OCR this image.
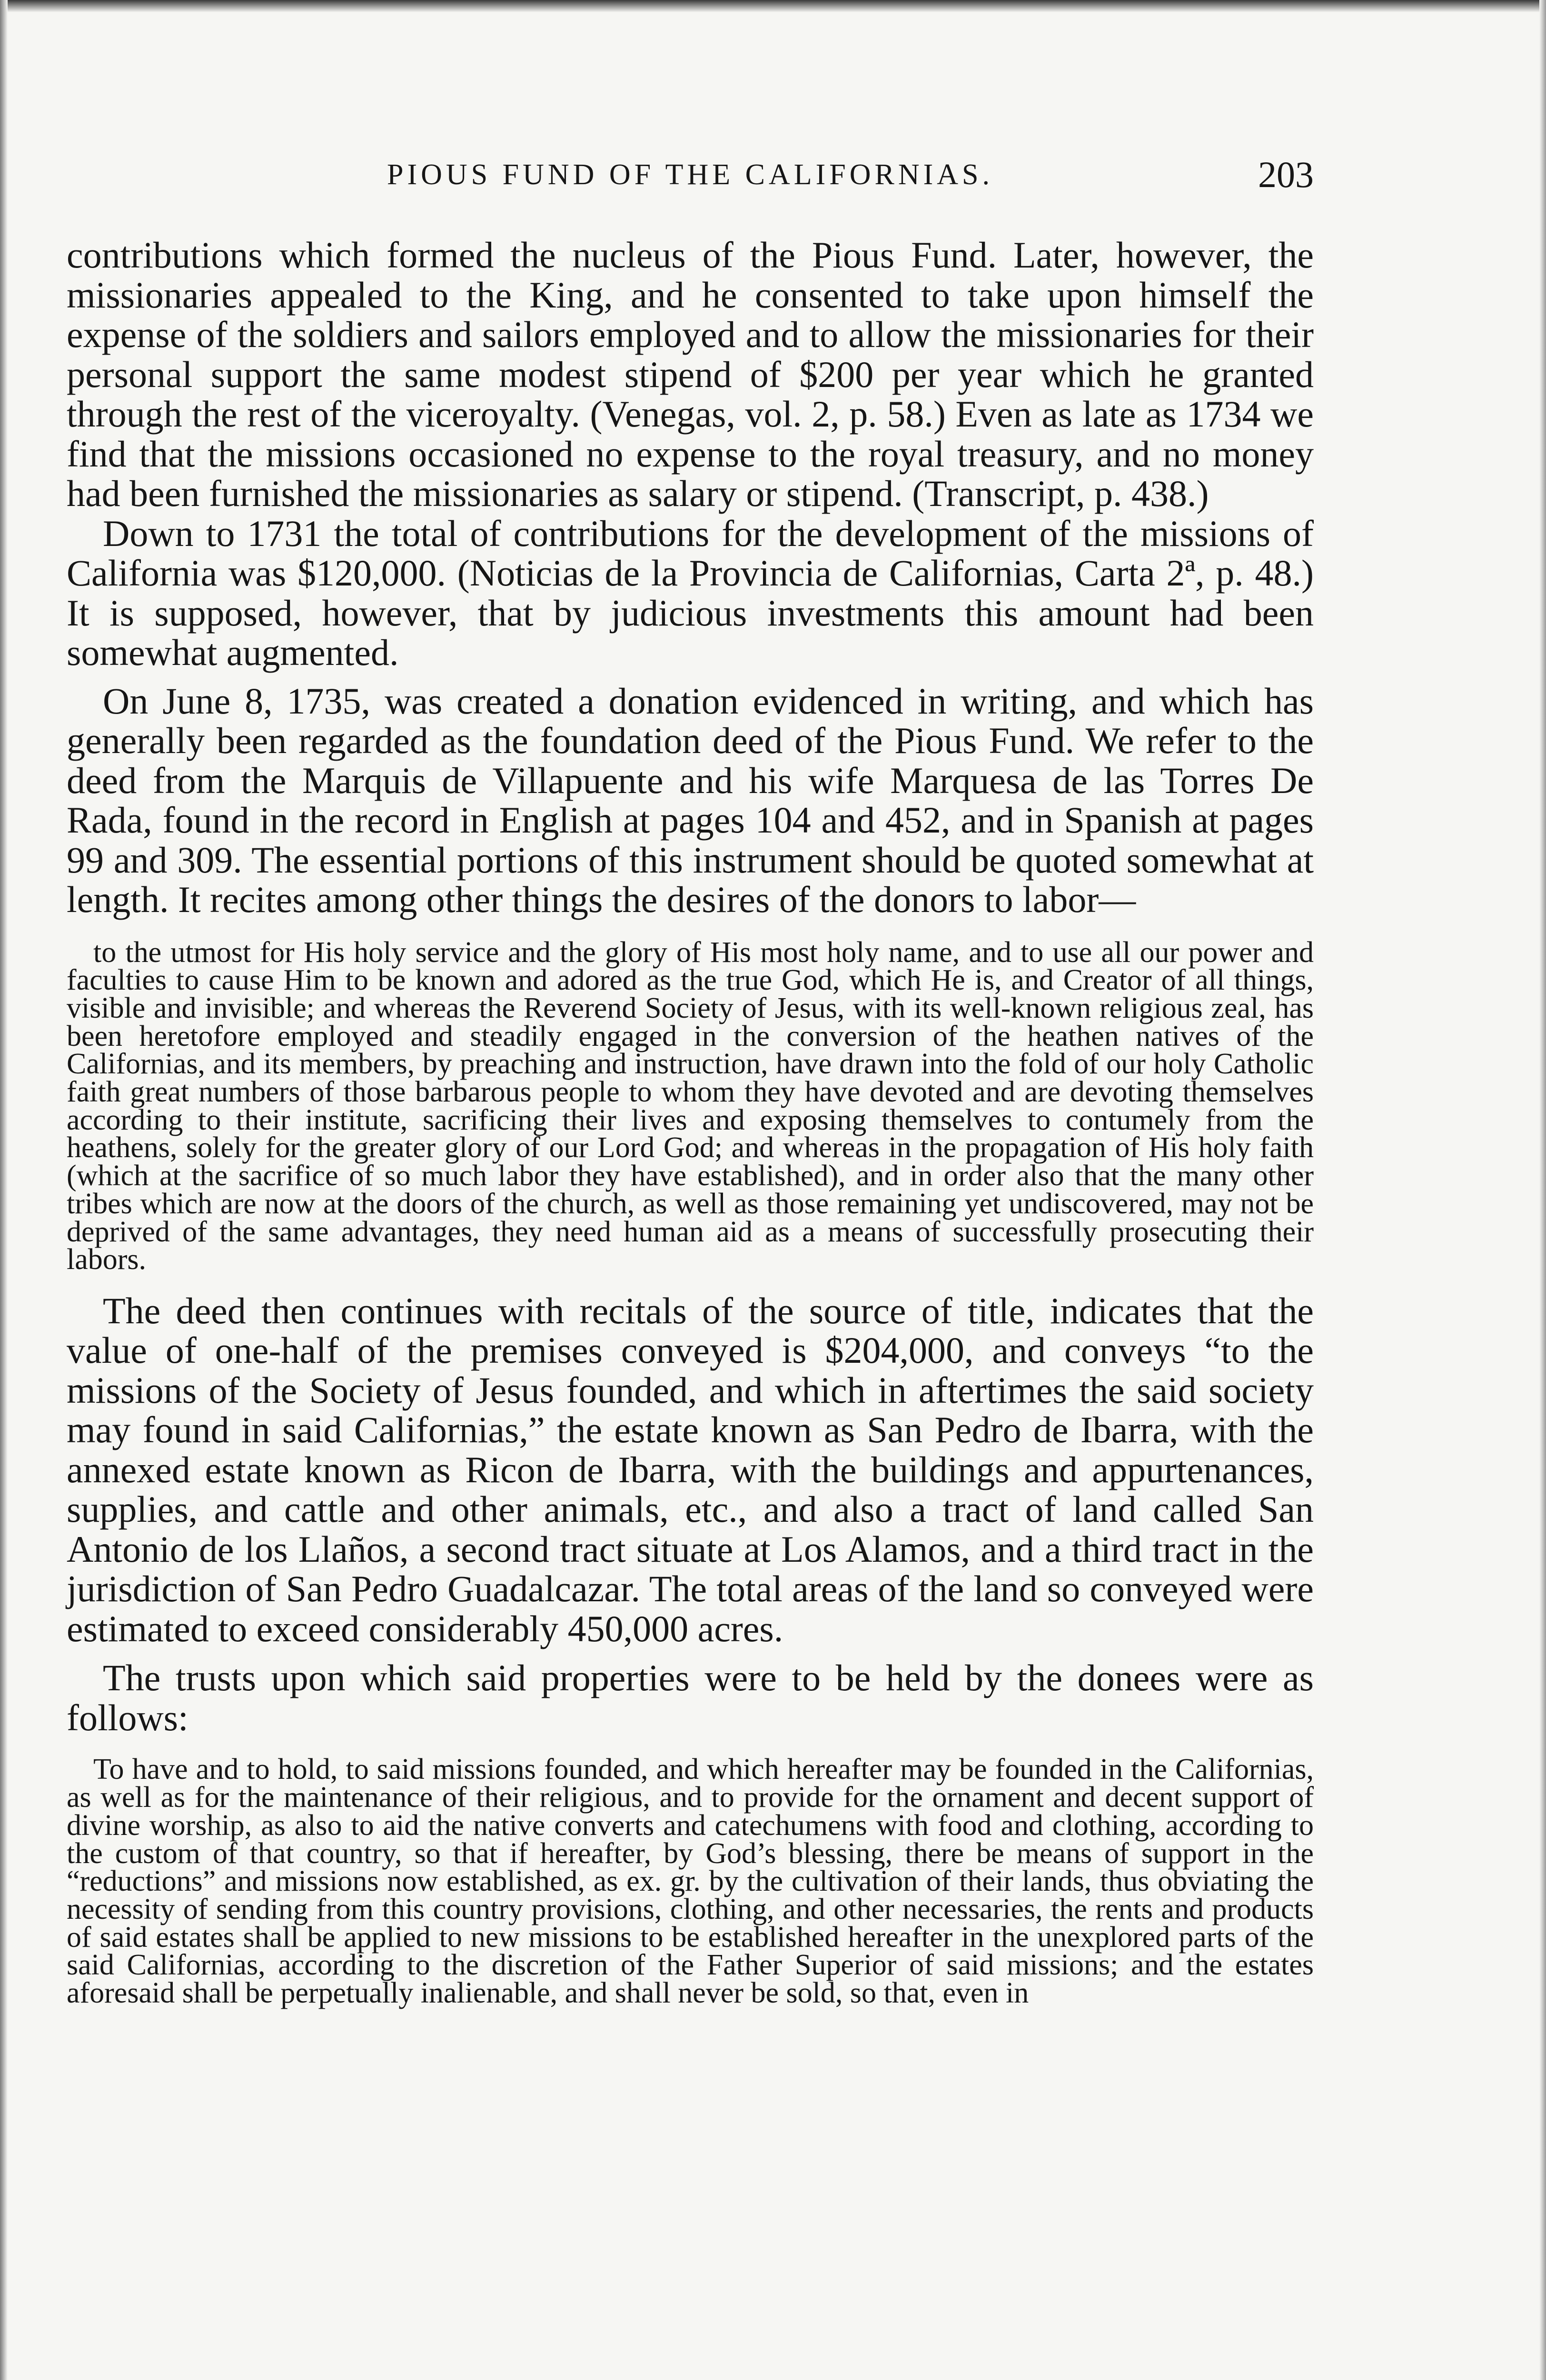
PIOUS FUND OF THE CALIFORNIAS.	203

contributions which formed the nucleus of the Pious Fund. Later, however, the missionaries appealed to the King, and he consented to take upon himself the expense of the soldiers and sailors employed and to allow the missionaries for their personal support the same modest stipend of $200 per year which he granted through the rest of the viceroyalty. (Venegas, vol. 2, p. 58.) Even as late as 1734 we find that the missions occasioned no expense to the royal treasury, and no money had been furnished the missionaries as salary or stipend. (Transcript, p. 438.)

Down to 1731 the total of contributions for the development of the missions of California was $120,000. (Noticias de la Provincia de Californias, Carta 2ª, p. 48.) It is supposed, however, that by judicious investments this amount had been somewhat augmented.

On June 8, 1735, was created a donation evidenced in writing, and which has generally been regarded as the foundation deed of the Pious Fund. We refer to the deed from the Marquis de Villapuente and his wife Marquesa de las Torres De Rada, found in the record in English at pages 104 and 452, and in Spanish at pages 99 and 309. The essential portions of this instrument should be quoted somewhat at length. It recites among other things the desires of the donors to labor—

to the utmost for His holy service and the glory of His most holy name, and to use all our power and faculties to cause Him to be known and adored as the true God, which He is, and Creator of all things, visible and invisible; and whereas the Reverend Society of Jesus, with its well-known religious zeal, has been heretofore employed and steadily engaged in the conversion of the heathen natives of the Californias, and its members, by preaching and instruction, have drawn into the fold of our holy Catholic faith great numbers of those barbarous people to whom they have devoted and are devoting themselves according to their institute, sacrificing their lives and exposing themselves to contumely from the heathens, solely for the greater glory of our Lord God; and whereas in the propagation of His holy faith (which at the sacrifice of so much labor they have established), and in order also that the many other tribes which are now at the doors of the church, as well as those remaining yet undiscovered, may not be deprived of the same advantages, they need human aid as a means of successfully prosecuting their labors.

The deed then continues with recitals of the source of title, indicates that the value of one-half of the premises conveyed is $204,000, and conveys “to the missions of the Society of Jesus founded, and which in aftertimes the said society may found in said Californias,” the estate known as San Pedro de Ibarra, with the annexed estate known as Ricon de Ibarra, with the buildings and appurtenances, supplies, and cattle and other animals, etc., and also a tract of land called San Antonio de los Llaños, a second tract situate at Los Alamos, and a third tract in the jurisdiction of San Pedro Guadalcazar. The total areas of the land so conveyed were estimated to exceed considerably 450,000 acres.

The trusts upon which said properties were to be held by the donees were as follows:

To have and to hold, to said missions founded, and which hereafter may be founded in the Californias, as well as for the maintenance of their religious, and to provide for the ornament and decent support of divine worship, as also to aid the native converts and catechumens with food and clothing, according to the custom of that country, so that if hereafter, by God’s blessing, there be means of support in the “reductions” and missions now established, as ex. gr. by the cultivation of their lands, thus obviating the necessity of sending from this country provisions, clothing, and other necessaries, the rents and products of said estates shall be applied to new missions to be established hereafter in the unexplored parts of the said Californias, according to the discretion of the Father Superior of said missions; and the estates aforesaid shall be perpetually inalienable, and shall never be sold, so that, even in
